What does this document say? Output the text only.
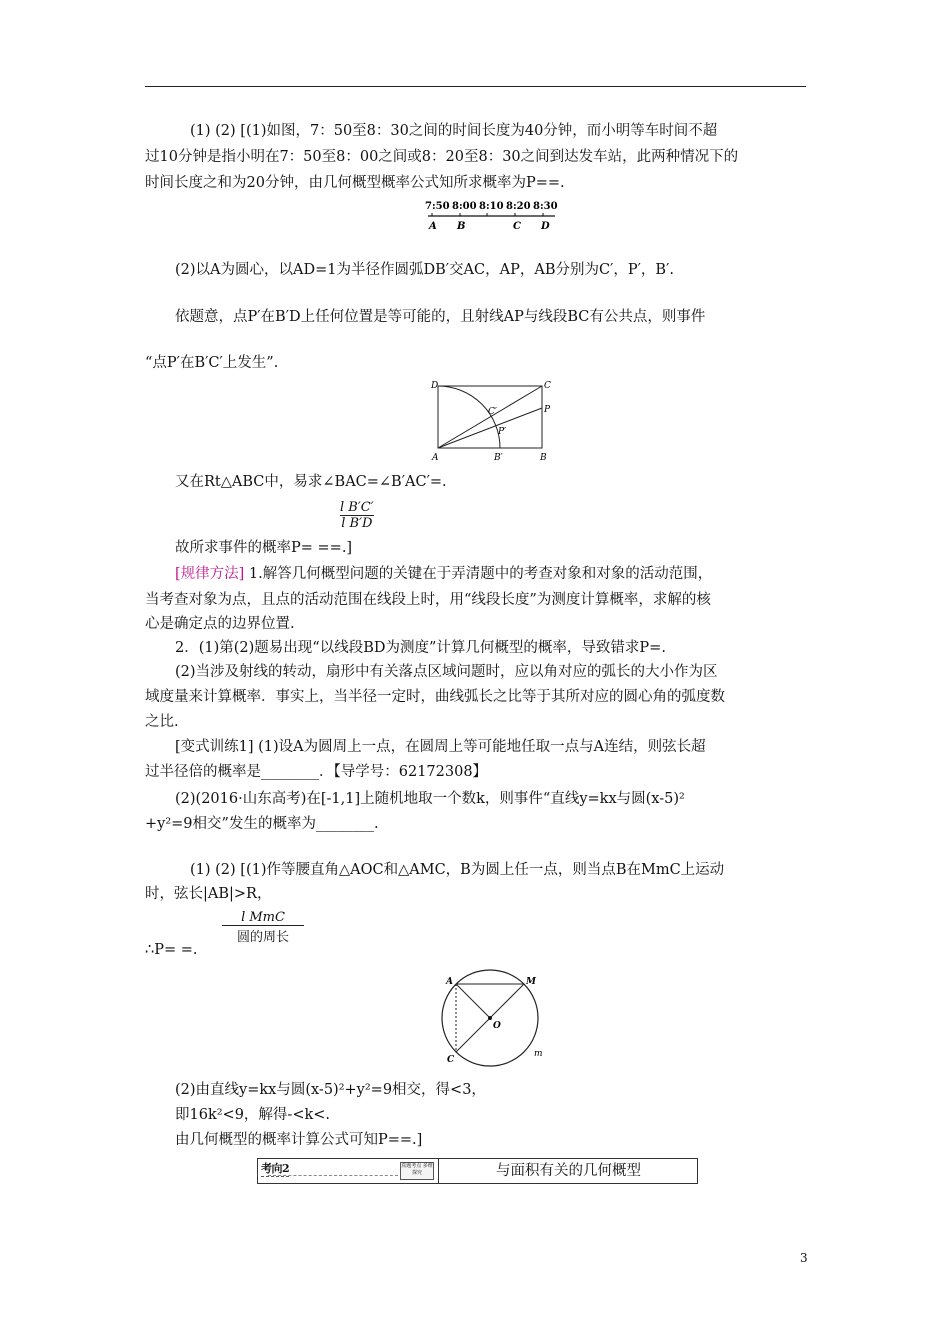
(1) (2) [(1)如图，7：50至8：30之间的时间长度为40分钟，而小明等车时间不超
过10分钟是指小明在7：50至8：00之间或8：20至8：30之间到达发车站，此两种情况下的
时间长度之和为20分钟，由几何概型概率公式知所求概率为P==.
7:50 8:00 8:10 8:20 8:30
A B	C D
(2)以A为圆心，以AD=1为半径作圆弧DB′交AC，AP，AB分别为C′，P′，B′.
依题意，点P′在B′D上任何位置是等可能的，且射线AP与线段BC有公共点，则事件
“点P′在B′C′上发生”.
D	C
C′	P
P′
A	B′	B
又在Rt△ABC中，易求∠BAC=∠B′AC′=.
$\frac{\text{l B′C′}}{\text{l B′D}}$
故所求事件的概率P= ==.]
[规律方法] 1.解答几何概型问题的关键在于弄清题中的考查对象和对象的活动范围，
当考查对象为点，且点的活动范围在线段上时，用“线段长度”为测度计算概率，求解的核
心是确定点的边界位置.
2．(1)第(2)题易出现“以线段BD为测度”计算几何概型的概率，导致错求P=.
(2)当涉及射线的转动，扇形中有关落点区域问题时，应以角对应的弧长的大小作为区
域度量来计算概率．事实上，当半径一定时，曲线弧长之比等于其所对应的圆心角的弧度数
之比.
[变式训练1] (1)设A为圆周上一点，在圆周上等可能地任取一点与A连结，则弦长超
过半径倍的概率是________．【导学号：62172308】
(2)(2016·山东高考)在[-1,1]上随机地取一个数k，则事件“直线y=kx与圆(x-5)²
+y²=9相交”发生的概率为________.
(1) (2) [(1)作等腰直角△AOC和△AMC，B为圆上任一点，则当点B在MmC上运动
时，弦长|AB|>R，
l MmC
圆的周长
∴P= =.
A	M
O
C
m
(2)由直线y=kx与圆(x-5)²+y²=9相交，得<3，
即16k²<9，解得-<k<.
由几何概型的概率计算公式可知P==.]
考向2	真题考点 多维探究	与面积有关的几何概型
3
